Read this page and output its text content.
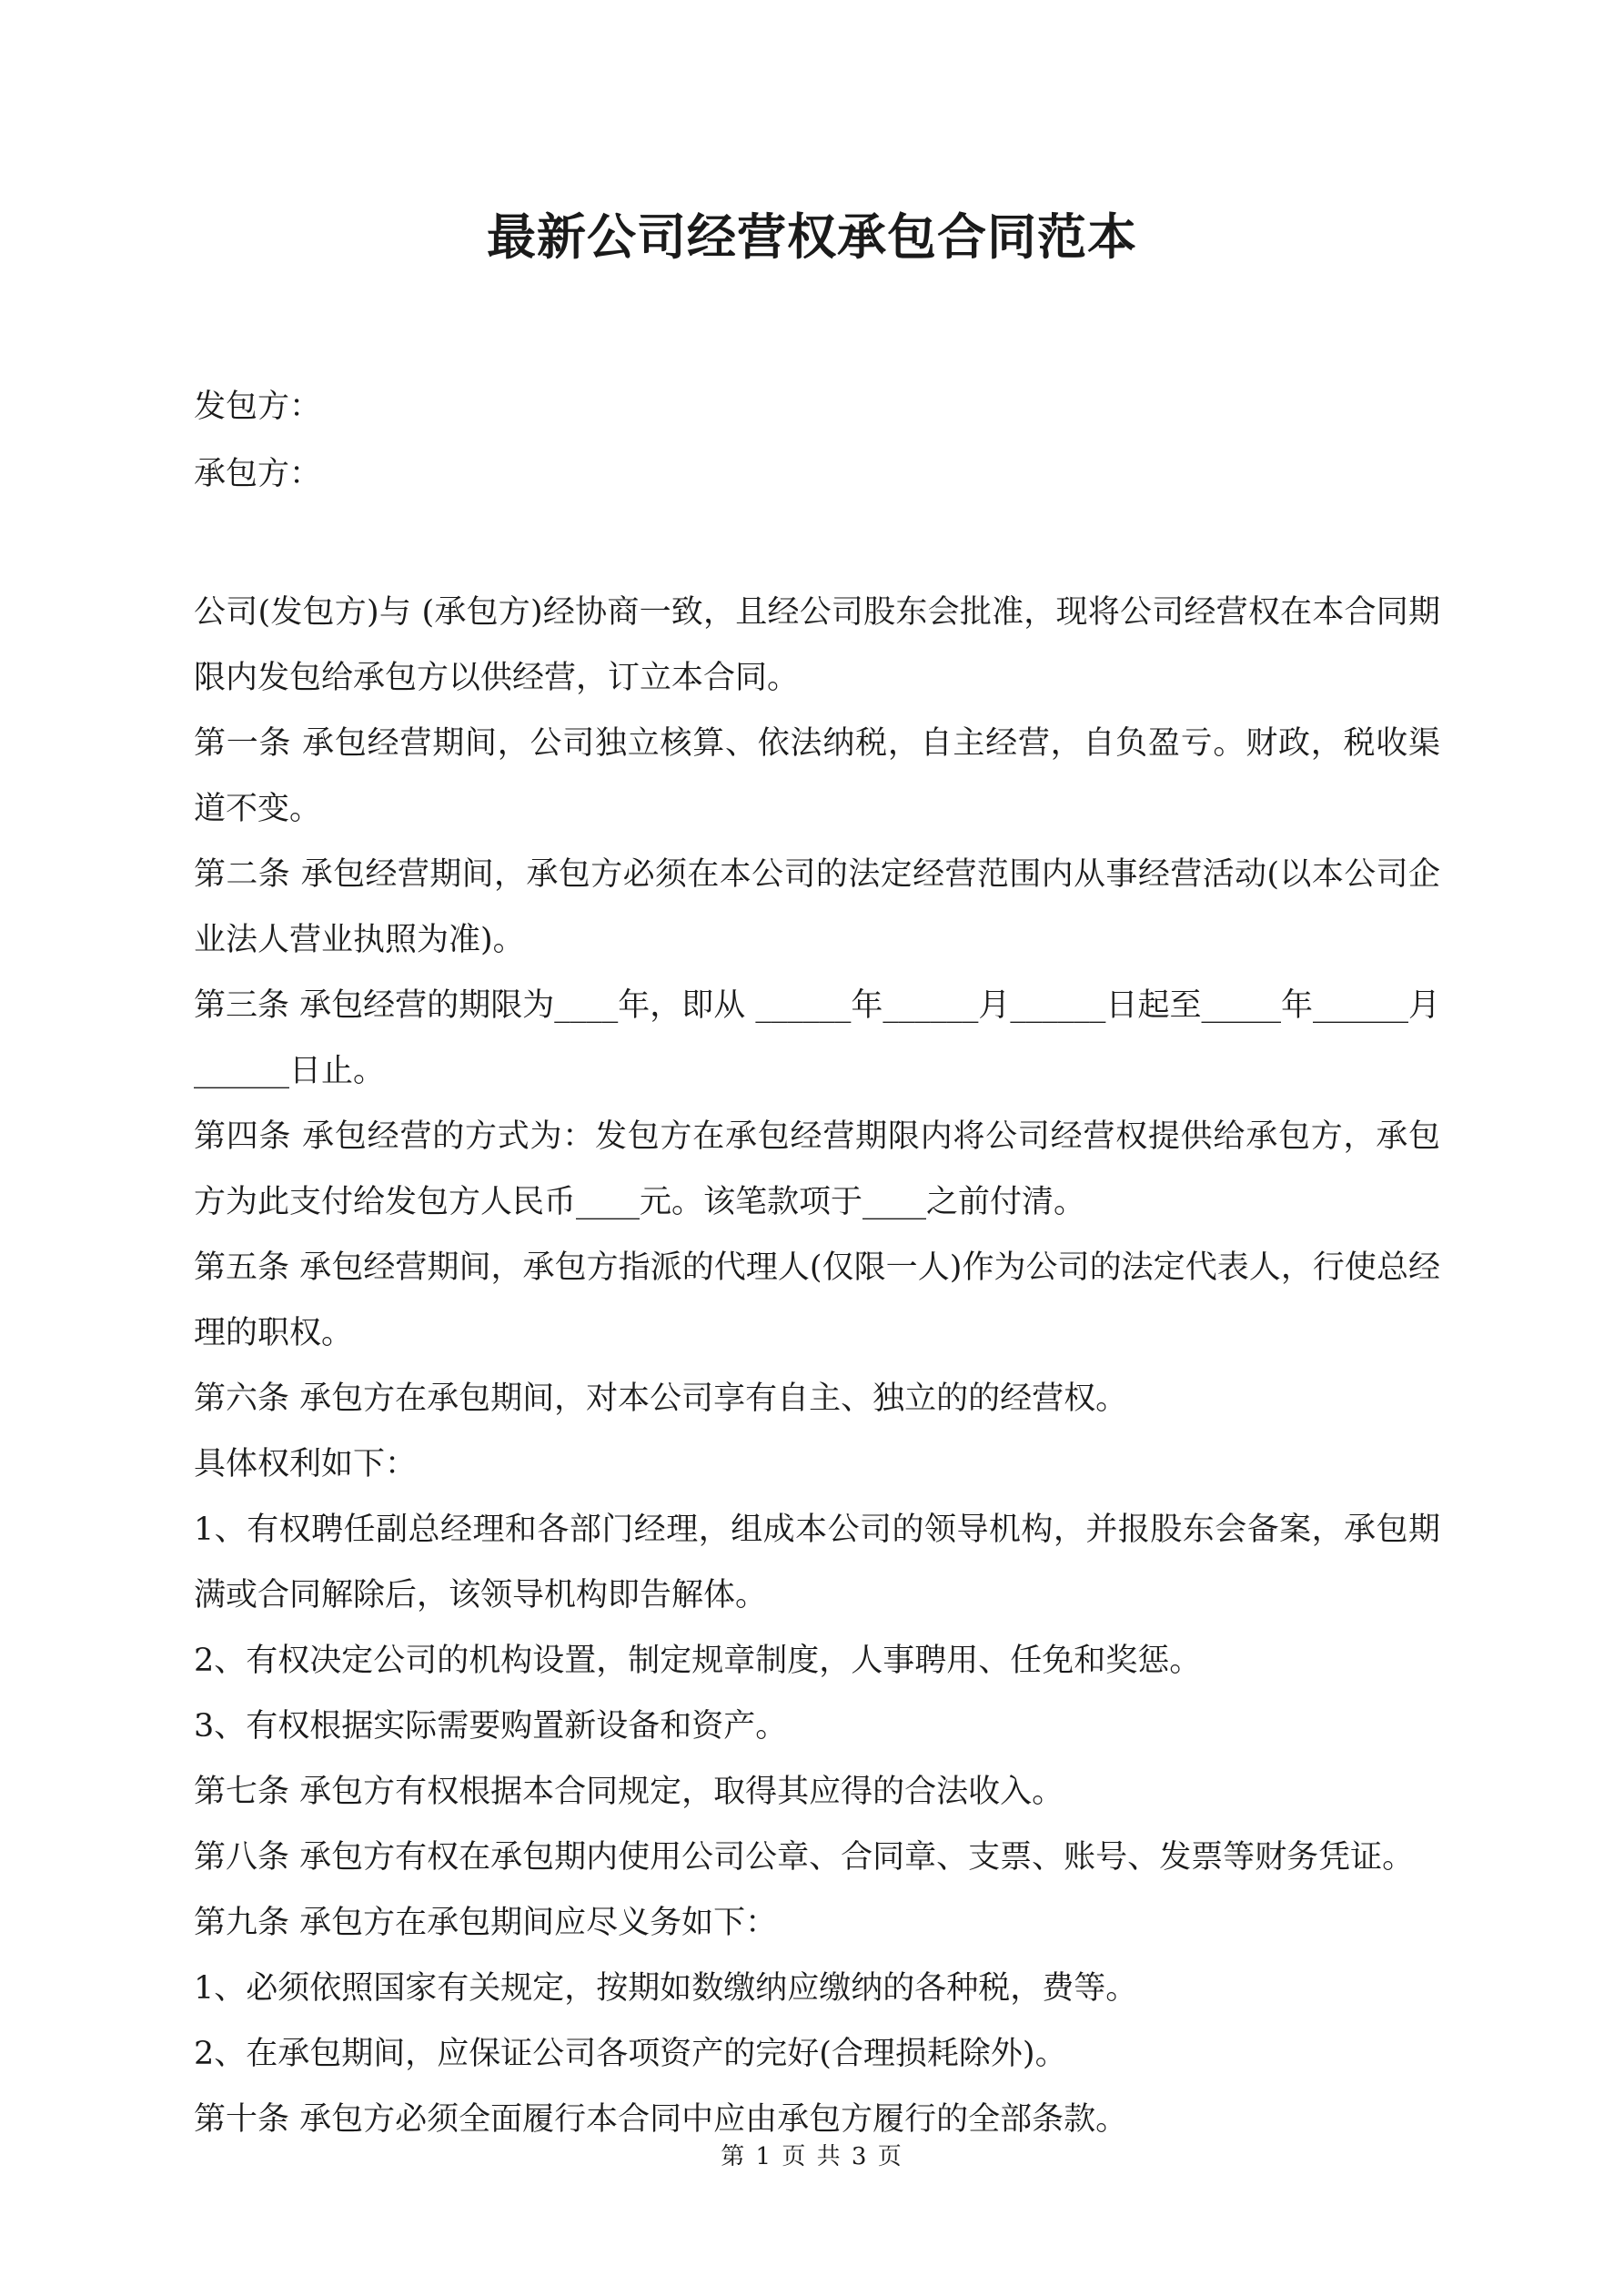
最新公司经营权承包合同范本
发包方：
承包方：

公司(发包方)与 (承包方)经协商一致，且经公司股东会批准，现将公司经营权在本合同期限内发包给承包方以供经营，订立本合同。

第一条 承包经营期间，公司独立核算、依法纳税，自主经营，自负盈亏。财政，税收渠道不变。

第二条 承包经营期间，承包方必须在本公司的法定经营范围内从事经营活动(以本公司企业法人营业执照为准)。

第三条 承包经营的期限为____年，即从 ______年______月______日起至_____年______月______日止。

第四条 承包经营的方式为：发包方在承包经营期限内将公司经营权提供给承包方，承包方为此支付给发包方人民币____元。该笔款项于____之前付清。

第五条 承包经营期间，承包方指派的代理人(仅限一人)作为公司的法定代表人，行使总经理的职权。

第六条 承包方在承包期间，对本公司享有自主、独立的的经营权。

具体权利如下：

1、有权聘任副总经理和各部门经理，组成本公司的领导机构，并报股东会备案，承包期满或合同解除后，该领导机构即告解体。

2、有权决定公司的机构设置，制定规章制度，人事聘用、任免和奖惩。

3、有权根据实际需要购置新设备和资产。

第七条 承包方有权根据本合同规定，取得其应得的合法收入。

第八条 承包方有权在承包期内使用公司公章、合同章、支票、账号、发票等财务凭证。

第九条 承包方在承包期间应尽义务如下：

1、必须依照国家有关规定，按期如数缴纳应缴纳的各种税，费等。

2、在承包期间，应保证公司各项资产的完好(合理损耗除外)。

第十条 承包方必须全面履行本合同中应由承包方履行的全部条款。

第 1 页 共 3 页
